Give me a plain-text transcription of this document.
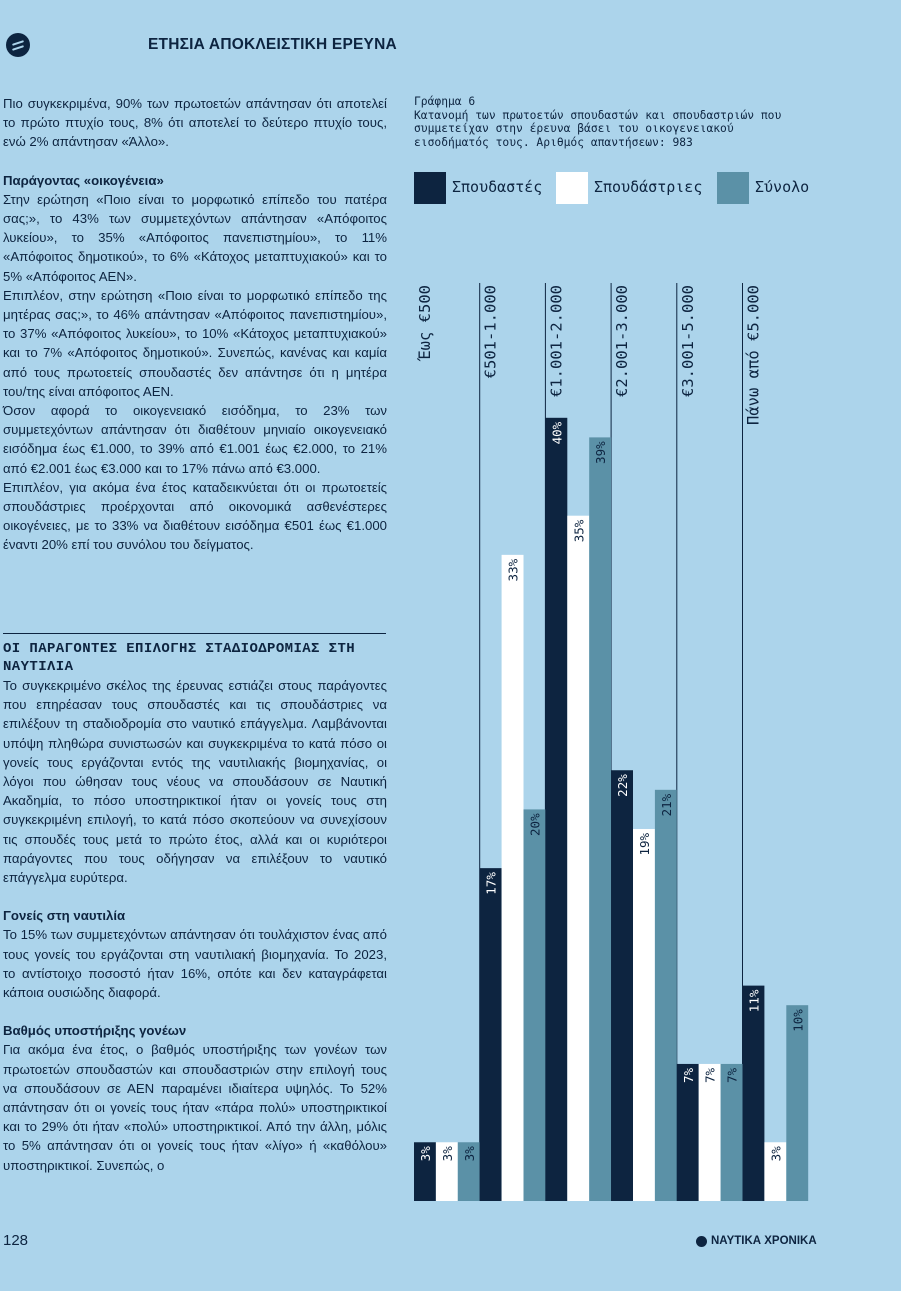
ΕΤΗΣΙΑ ΑΠΟΚΛΕΙΣΤΙΚΗ ΕΡΕΥΝΑ

Πιο συγκεκριμένα, 90% των πρωτοετών απάντησαν ότι αποτελεί το πρώτο πτυχίο τους, 8% ότι αποτελεί το δεύτερο πτυχίο τους, ενώ 2% απάντησαν «Άλλο».

Παράγοντας «οικογένεια»

Στην ερώτηση «Ποιο είναι το μορφωτικό επίπεδο του πατέρα σας;», το 43% των συμμετεχόντων απάντησαν «Απόφοιτος λυκείου», το 35% «Απόφοιτος πανεπιστημίου», το 11% «Απόφοιτος δημοτικού», το 6% «Κάτοχος μεταπτυχιακού» και το 5% «Απόφοιτος ΑΕΝ».

Επιπλέον, στην ερώτηση «Ποιο είναι το μορφωτικό επίπεδο της μητέρας σας;», το 46% απάντησαν «Απόφοιτος πανεπιστημίου», το 37% «Απόφοιτος λυκείου», το 10% «Κάτοχος μεταπτυχιακού» και το 7% «Απόφοιτος δημοτικού». Συνεπώς, κανένας και καμία από τους πρωτοετείς σπουδαστές δεν απάντησε ότι η μητέρα του/της είναι απόφοιτος ΑΕΝ.

Όσον αφορά το οικογενειακό εισόδημα, το 23% των συμμετεχόντων απάντησαν ότι διαθέτουν μηνιαίο οικογενειακό εισόδημα έως €1.000, το 39% από €1.001 έως €2.000, το 21% από €2.001 έως €3.000 και το 17% πάνω από €3.000.

Επιπλέον, για ακόμα ένα έτος καταδεικνύεται ότι οι πρωτοετείς σπουδάστριες προέρχονται από οικονομικά ασθενέστερες οικογένειες, με το 33% να διαθέτουν εισόδημα €501 έως €1.000 έναντι 20% επί του συνόλου του δείγματος.

ΟΙ ΠΑΡΑΓΟΝΤΕΣ ΕΠΙΛΟΓΗΣ ΣΤΑΔΙΟΔΡΟΜΙΑΣ ΣΤΗ ΝΑΥΤΙΛΙΑ

Το συγκεκριμένο σκέλος της έρευνας εστιάζει στους παράγοντες που επηρέασαν τους σπουδαστές και τις σπουδάστριες να επιλέξουν τη σταδιοδρομία στο ναυτικό επάγγελμα. Λαμβάνονται υπόψη πληθώρα συνιστωσών και συγκεκριμένα το κατά πόσο οι γονείς τους εργάζονται εντός της ναυτιλιακής βιομηχανίας, οι λόγοι που ώθησαν τους νέους να σπουδάσουν σε Ναυτική Ακαδημία, το πόσο υποστηρικτικοί ήταν οι γονείς τους στη συγκεκριμένη επιλογή, το κατά πόσο σκοπεύουν να συνεχίσουν τις σπουδές τους μετά το πρώτο έτος, αλλά και οι κυριότεροι παράγοντες που τους οδήγησαν να επιλέξουν το ναυτικό επάγγελμα ευρύτερα.

Γονείς στη ναυτιλία

Το 15% των συμμετεχόντων απάντησαν ότι τουλάχιστον ένας από τους γονείς του εργάζονται στη ναυτιλιακή βιομηχανία. Το 2023, το αντίστοιχο ποσοστό ήταν 16%, οπότε και δεν καταγράφεται κάποια ουσιώδης διαφορά.

Βαθμός υποστήριξης γονέων

Για ακόμα ένα έτος, ο βαθμός υποστήριξης των γονέων των πρωτοετών σπουδαστών και σπουδαστριών στην επιλογή τους να σπουδάσουν σε ΑΕΝ παραμένει ιδιαίτερα υψηλός. Το 52% απάντησαν ότι οι γονείς τους ήταν «πάρα πολύ» υποστηρικτικοί και το 29% ότι ήταν «πολύ» υποστηρικτικοί. Από την άλλη, μόλις το 5% απάντησαν ότι οι γονείς τους ήταν «λίγο» ή «καθόλου» υποστηρικτικοί. Συνεπώς, ο

Γράφημα 6
Κατανομή των πρωτοετών σπουδαστών και σπουδαστριών που συμμετείχαν στην έρευνα βάσει του οικογενειακού εισοδήματός τους. Αριθμός απαντήσεων: 983
Σπουδαστές	Σπουδάστριες	Σύνολο
Έως €500
3% 3% 3%
€501-1.000
17%
33%
20%
€1.001-2.000
40%
35%
39%
€2.001-3.000
22%
19%
21%
€3.001-5.000
7% 7% 7%
Πάνω από €5.000
11%
3%
10%
128	ΝΑΥΤΙΚΑ ΧΡΟΝΙΚΑ
